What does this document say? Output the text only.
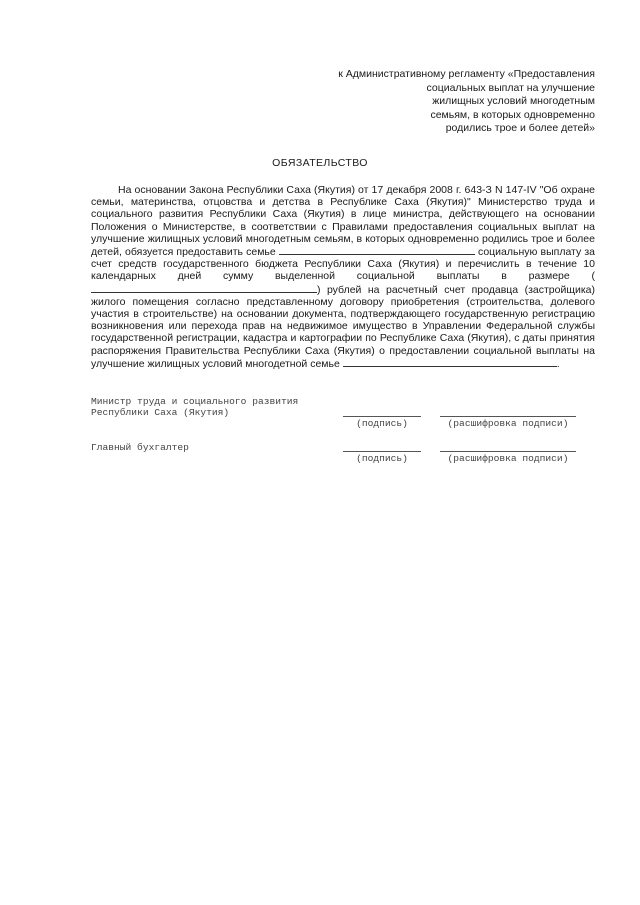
к Административному регламенту «Предоставления
социальных выплат на улучшение
жилищных условий многодетным
семьям, в которых одновременно
родились трое и более детей»
ОБЯЗАТЕЛЬСТВО
На основании Закона Республики Саха (Якутия) от 17 декабря 2008 г. 643-З N 147-IV "Об охране семьи, материнства, отцовства и детства в Республике Саха (Якутия)" Министерство труда и социального развития Республики Саха (Якутия) в лице министра, действующего на основании Положения о Министерстве, в соответствии с Правилами предоставления социальных выплат на улучшение жилищных условий многодетным семьям, в которых одновременно родились трое и более детей, обязуется предоставить семье	социальную выплату за счет средств государственного бюджета Республики Саха (Якутия) и перечислить в течение 10 календарных дней сумму выделенной социальной выплаты в размере () рублей на расчетный счет продавца (застройщика) жилого помещения согласно представленному договору приобретения (строительства, долевого участия в строительстве) на основании документа, подтверждающего государственную регистрацию возникновения или перехода прав на недвижимое имущество в Управлении Федеральной службы государственной регистрации, кадастра и картографии по Республике Саха (Якутия), с даты принятия распоряжения Правительства Республики Саха (Якутия) о предоставлении социальной выплаты на улучшение жилищных условий многодетной семье	.
Министр труда и социального развития
Республики Саха (Якутия)
(подпись)	(расшифровка подписи)
Главный бухгалтер
(подпись)	(расшифровка подписи)
